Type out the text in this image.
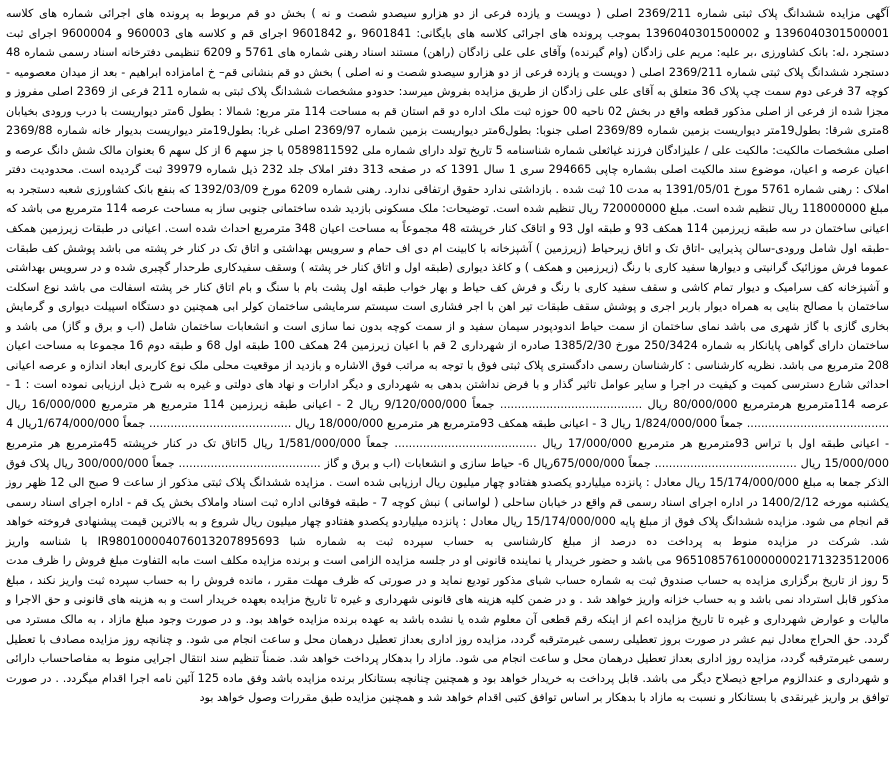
آگهی مزایده ششدانگ پلاک ثبتی شماره 2369/211 اصلی ( دویست و یازده فرعی از دو هزارو سیصدو شصت و نه ) بخش دو قم مربوط به پرونده های اجرائی شماره های کلاسه 1396040301500001 و 1396040301500002 بموجب پرونده های اجرائی کلاسه های بایگانی: 9601841 ،و 9601842 اجرای قم و کلاسه های 960003 و 9600004 اجرای ثبت دستجرد ،له: بانک کشاورزی ،بر علیه: مریم علی زادگان (وام گیرنده) وآقای علی علی زادگان (راهن) مستند اسناد رهنی شماره های 5761 و 6209 تنظیمی دفترخانه اسناد رسمی شماره 48 دستجرد ششدانگ پلاک ثبتی شماره 2369/211 اصلی ( دویست و یازده فرعی از دو هزارو سیصدو شصت و نه اصلی ) بخش دو قم بنشانی قم– خ امامزاده ابراهیم - بعد از میدان معصومیه - کوچه 37 فرعی دوم سمت چپ پلاک 36 متعلق به آقای علی علی زادگان از طریق مزایده بفروش میرسد: حدودو مشخصات ششدانگ پلاک ثبتی به شماره 211 فرعی از 2369 اصلی مفروز و مجزا شده از فرعی از اصلی مذکور قطعه واقع در بخش 02 ناحیه 00 حوزه ثبت ملک اداره دو قم استان قم به مساحت 114 متر مربع: شمالا : بطول 6متر دیواریست با درب ورودی بخیابان 8متری شرقا: بطول19متر دیواریست بزمین شماره 2369/89 اصلی جنوبا: بطول6متر دیواریست بزمین شماره 2369/97 اصلی غربا: بطول19متر دیواریست بدیوار خانه شماره 2369/88 اصلی مشخصات مالکیت: مالکیت علی / علیزادگان فرزند غیاثعلی شماره شناسنامه 5 تاریخ تولد دارای شماره ملی 0589811592 با جز سهم 6 از کل سهم 6 بعنوان مالک شش دانگ عرصه و اعیان عرصه و اعیان، موضوع سند مالکیت اصلی بشماره چاپی 294665 سری 1 سال 1391 که در صفحه 313 دفتر املاک جلد 232 ذیل شماره 39979 ثبت گردیده است. محدودیت دفتر املاک : رهنی شماره 5761 مورخ 1391/05/01 به مدت 10 ثبت شده . بازداشتی ندارد حقوق ارتفاقی ندارد. رهنی شماره 6209 مورخ 1392/03/09 که بنفع بانک کشاورزی شعبه دستجرد به مبلغ 118000000 ریال تنظیم شده است. مبلغ 720000000 ریال تنظیم شده است. توضیحات: ملک مسکونی بازدید شده ساختمانی جنوبی ساز به مساحت عرصه 114 مترمربع می باشد که اعیانی ساختمان در سه طبقه زیرزمین 114 همکف 93 و طبقه اول 93 و اتاقک کنار خرپشته 48 مجموعاً به مساحت اعیان 348 مترمربع احداث شده است. اعیانی در طبقات زیرزمین همکف -طبقه اول شامل ورودی-سالن پذیرایی -اتاق تک و اتاق زیرحیاط (زیرزمین ) آشپزخانه با کابینت ام دی اف حمام و سرویس بهداشتی و اتاق تک در کنار خر پشته می باشد پوشش کف طبقات عموما فرش موزائیک گرانیتی و دیوارها سفید کاری با رنگ (زیرزمین و همکف ) و کاغذ دیواری (طبقه اول و اتاق کنار خر پشته ) وسقف سفیدکاری طرحدار گچبری شده و در سرویس بهداشتی و آشپزخانه کف سرامیک و دیوار تمام کاشی و سقف سفید کاری با رنگ و فرش کف حیاط و بهار خواب طبقه اول پشت بام با سنگ و بام اتاق کنار خر پشته اسفالت می باشد نوع اسکلت ساختمان با مصالح بنایی به همراه دیوار باربر اجری و پوشش سقف طبقات تیر اهن با اجر فشاری است سیستم سرمایشی ساختمان کولر ابی همچنین دو دستگاه اسپیلت دیواری و گرمایش بخاری گازی با گاز شهری می باشد نمای ساختمان از سمت حیاط اندودپودر سیمان سفید و از سمت کوچه بدون نما سازی است و انشعابات ساختمان شامل (اب و برق و گاز) می باشد و ساختمان دارای گواهی پایانکار به شماره 250/3424 مورخ 1385/2/30 صادره از شهرداری 2 قم با اعیان زیرزمین 24 همکف 100 طبقه اول 68 و طبقه دوم 16 مجموعا به مساحت اعیان 208 مترمربع می باشد. نظریه کارشناسی : کارشناسان رسمی دادگستری پلاک ثبتی فوق با توجه به مراتب فوق الاشاره و بازدید از موقعیت محلی ملک نوع کاربری ابعاد اندازه و عرصه اعیانی احداثی شارع دسترسی کمیت و کیفیت در اجرا و سایر عوامل تاثیر گذار و با فرض نداشتن بدهی به شهرداری و دیگر ادارات و نهاد های دولتی و غیره به شرح ذیل ارزیابی نموده است : 1 - عرصه 114مترمربع هرمترمربع 80/000/000 ریال ........................................ جمعاً 9/120/000/000 ریال 2 - اعیانی طبقه زیرزمین 114 مترمربع هر مترمربع 16/000/000 ریال ........................................ جمعاً 1/824/000/000 ریال 3 - اعیانی طبقه همکف 93مترمربع هر مترمربع 18/000/000 ریال ........................................ جمعاً 1/674/000/000ریال 4 - اعیانی طبقه اول با تراس 93مترمربع هر مترمربع 17/000/000 ریال ........................................ جمعاً 1/581/000/000 ریال 5اتاق تک در کنار خرپشته 45مترمربع هر مترمربع 15/000/000 ریال ........................................ جمعاً 675/000/000ریال 6- حیاط سازی و انشعابات (اب و برق و گاز ........................................ جمعاً 300/000/000 ریال پلاک فوق الذکر جمعا به مبلغ 15/174/000/000 ریال معادل : پانزده میلیاردو یکصدو هفتادو چهار میلیون ریال ارزیابی شده است . مزایده ششدانگ پلاک ثبتی مذکور از ساعت 9 صبح الی 12 ظهر روز یکشنبه مورخه 1400/2/12 در اداره اجرای اسناد رسمی قم واقع در خیابان ساحلی ( لواسانی ) نبش کوچه 7 - طبقه فوقانی اداره ثبت اسناد واملاک بخش یک قم - اداره اجرای اسناد رسمی قم انجام می شود. مزایده ششدانگ پلاک فوق از مبلغ پایه 15/174/000/000 ریال معادل : پانزده میلیاردو یکصدو هفتادو چهار میلیون ریال شروع و به بالاترین قیمت پیشنهادی فروخته خواهد شد. شرکت در مزایده منوط به پرداخت ده درصد از مبلغ کارشناسی به حساب سپرده ثبت به شماره شبا IR980100004076013207895693 با شناسه واریز 965108576100000002171323512006 می باشد و حضور خریدار یا نماینده قانونی او در جلسه مزایده الزامی است و برنده مزایده مکلف است مابه التفاوت مبلغ فروش را ظرف مدت 5 روز از تاریخ برگزاری مزایده به حساب صندوق ثبت به شماره حساب شبای مذکور تودیع نماید و در صورتی که ظرف مهلت مقرر ، مانده فروش را به حساب سپرده ثبت واریز نکند ، مبلغ مذکور قابل استرداد نمی باشد و به حساب خزانه واریز خواهد شد . و در ضمن کلیه هزینه های قانونی شهرداری و غیره تا تاریخ مزایده بعهده خریدار است و به هزینه های قانونی و حق الاجرا و مالیات و عوارض شهرداری و غیره تا تاریخ مزایده اعم از اینکه رقم قطعی آن معلوم شده یا نشده باشد به عهده برنده مزایده خواهد بود. و در صورت وجود مبلغ مازاد ، به مالک مسترد می گردد. حق الحراج معادل نیم عشر در صورت بروز تعطیلی رسمی غیرمترقبه گردد، مزایده روز اداری بعداز تعطیل درهمان محل و ساعت انجام می شود. و چنانچه روز مزایده مصادف با تعطیل رسمی غیرمترقبه گردد، مزایده روز اداری بعداز تعطیل درهمان محل و ساعت انجام می شود. مازاد را بدهکار پرداخت خواهد شد. ضمناً تنظیم سند انتقال اجرایی منوط به مفاصاحساب دارائی و شهرداری و عندالزوم مراجع ذیصلاح دیگر می باشد. قابل پرداخت به خریدار خواهد بود و همچنین چنانچه بستانکار برنده مزایده باشد وفق ماده 125 آئین نامه اجرا اقدام میگردد. . در صورت توافق بر واریز غیرنقدی با بستانکار و نسبت به مازاد با بدهکار بر اساس توافق کتبی اقدام خواهد شد و همچنین مزایده طبق مقررات وصول خواهد بود
